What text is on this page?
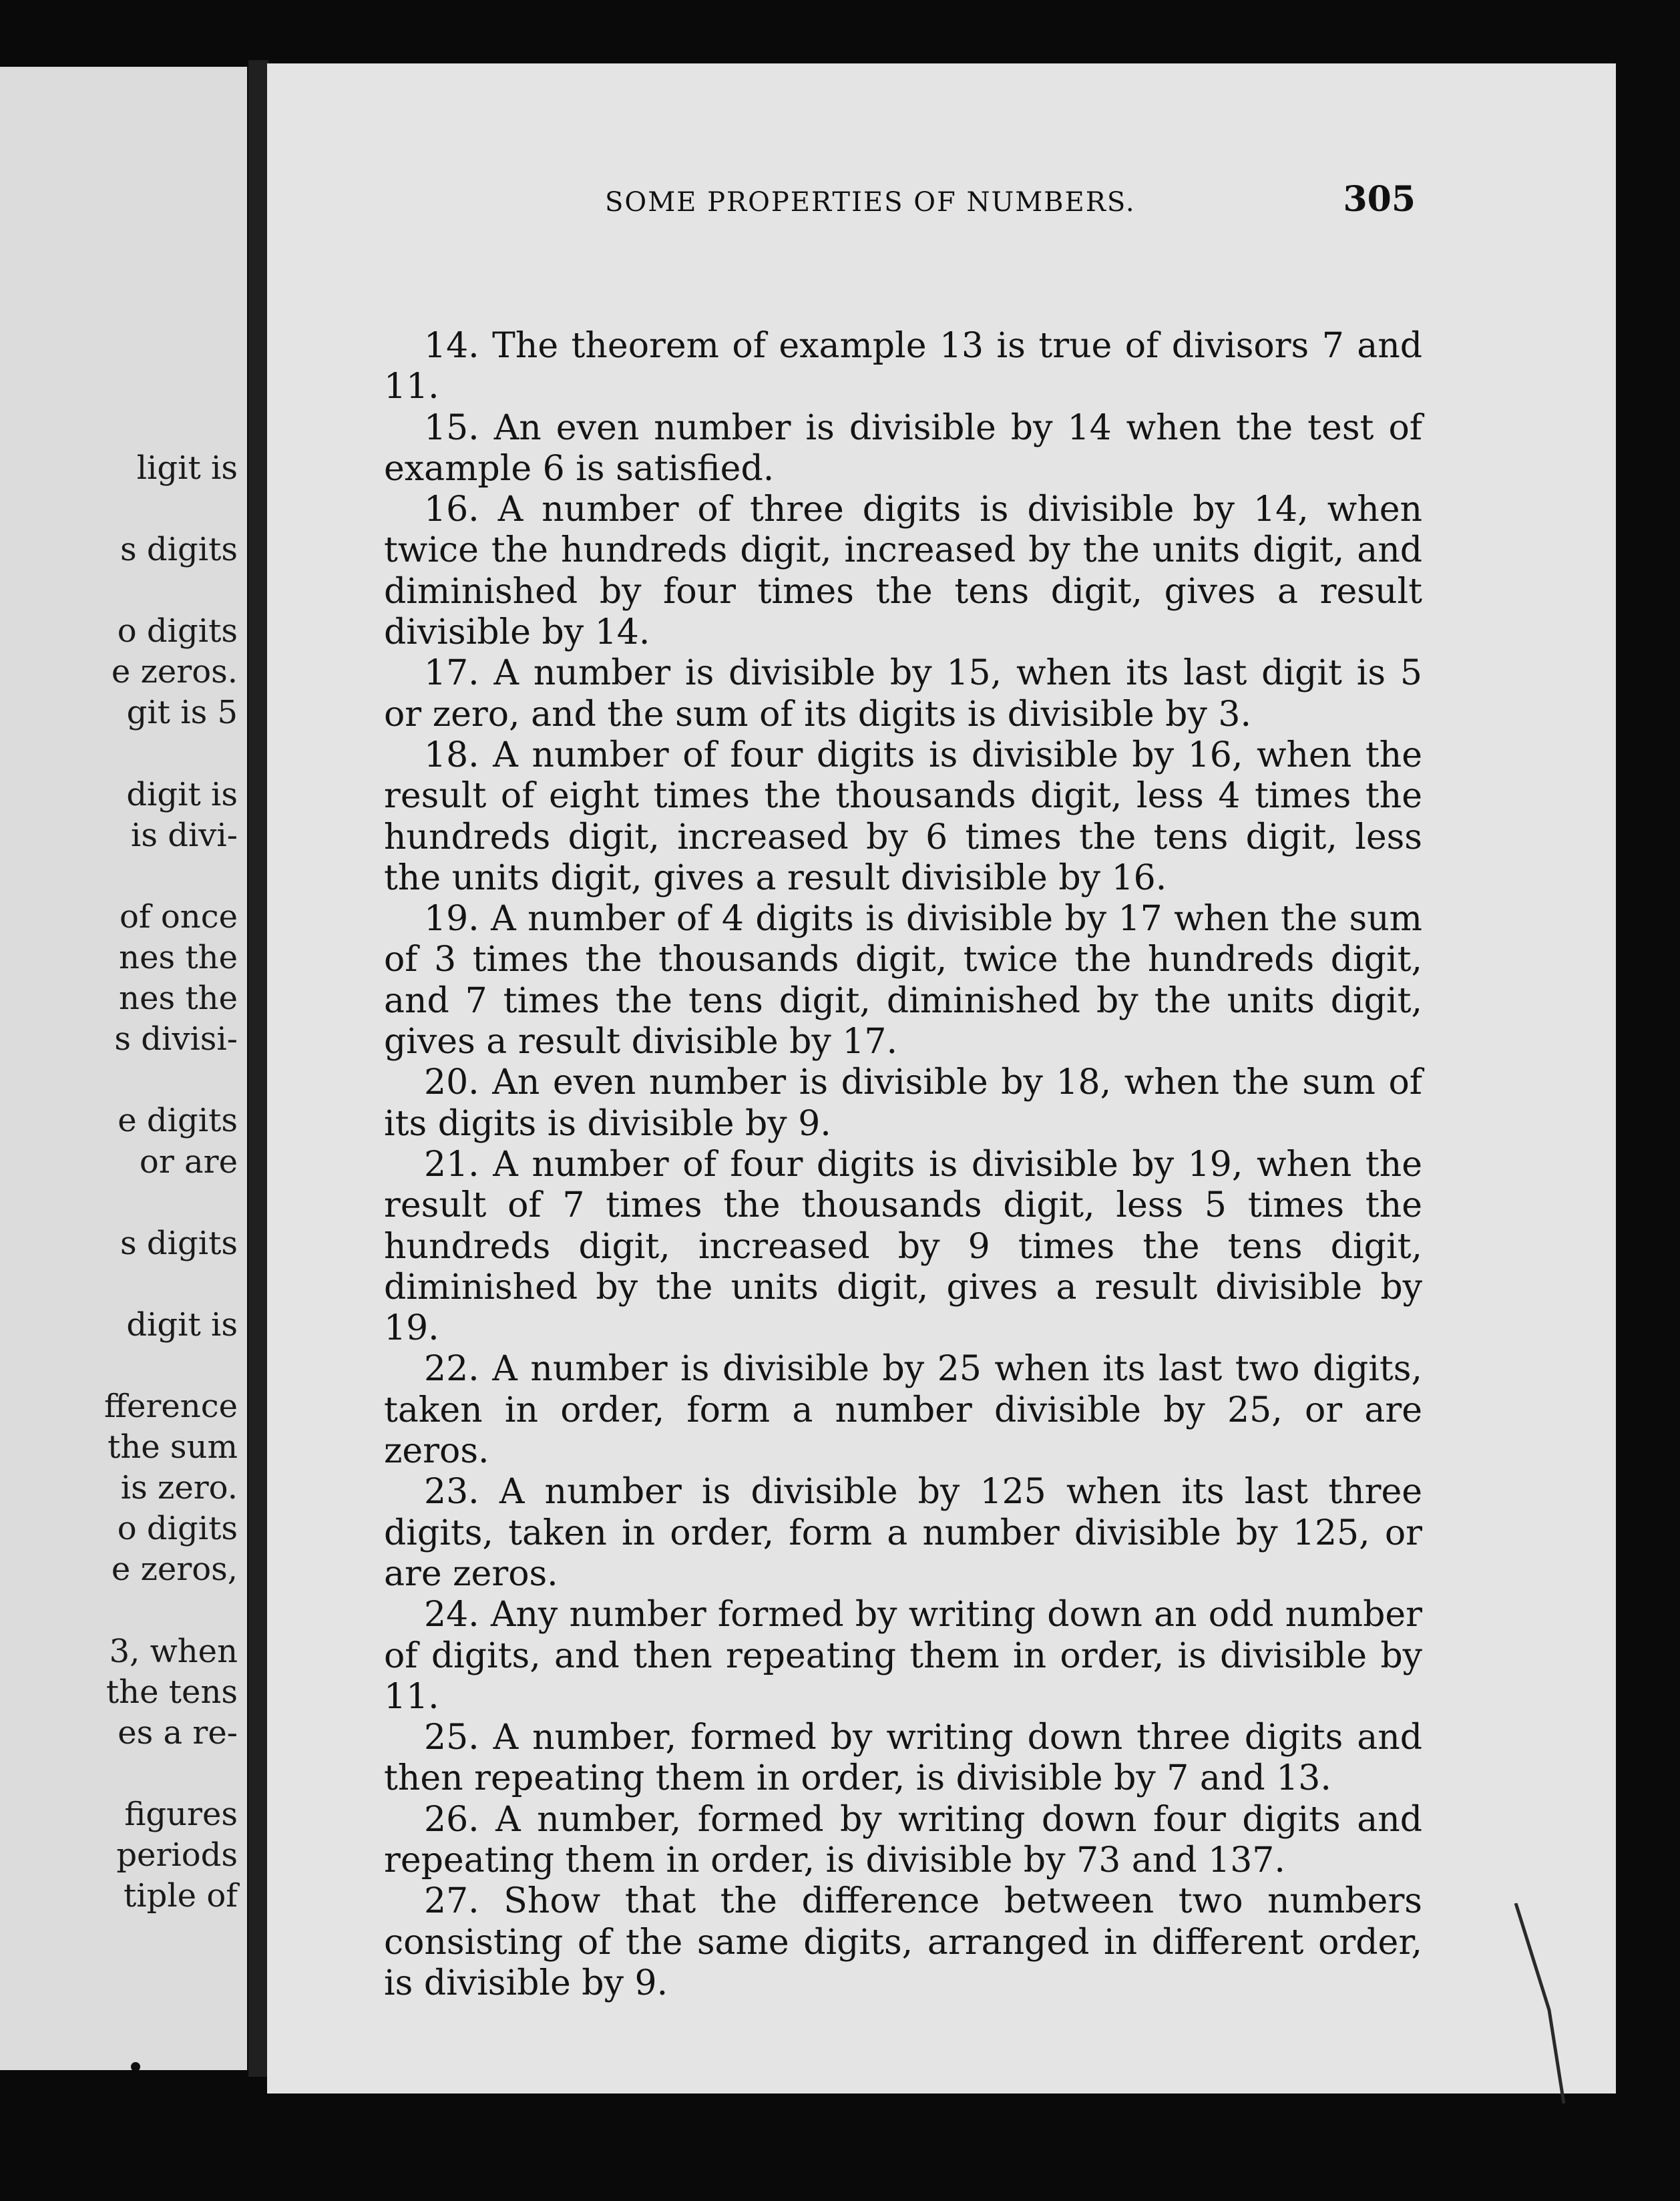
ligit is
s digits
o digits
e zeros.
git is 5
digit is
is divi-
of once
nes the
nes the
s divisi-
e digits
or are
s digits
digit is
fference
the sum
is zero.
o digits
e zeros,
3, when
the tens
es a re-
figures
periods
tiple of
SOME PROPERTIES OF NUMBERS.	305

14. The theorem of example 13 is true of divisors 7 and 11.

15. An even number is divisible by 14 when the test of example 6 is satisfied.

16. A number of three digits is divisible by 14, when twice the hundreds digit, increased by the units digit, and diminished by four times the tens digit, gives a result divisible by 14.

17. A number is divisible by 15, when its last digit is 5 or zero, and the sum of its digits is divisible by 3.

18. A number of four digits is divisible by 16, when the result of eight times the thousands digit, less 4 times the hundreds digit, increased by 6 times the tens digit, less the units digit, gives a result divisible by 16.

19. A number of 4 digits is divisible by 17 when the sum of 3 times the thousands digit, twice the hundreds digit, and 7 times the tens digit, diminished by the units digit, gives a result divisible by 17.

20. An even number is divisible by 18, when the sum of its digits is divisible by 9.

21. A number of four digits is divisible by 19, when the result of 7 times the thousands digit, less 5 times the hundreds digit, increased by 9 times the tens digit, diminished by the units digit, gives a result divisible by 19.

22. A number is divisible by 25 when its last two digits, taken in order, form a number divisible by 25, or are zeros.

23. A number is divisible by 125 when its last three digits, taken in order, form a number divisible by 125, or are zeros.

24. Any number formed by writing down an odd number of digits, and then repeating them in order, is divisible by 11.

25. A number, formed by writing down three digits and then repeating them in order, is divisible by 7 and 13.

26. A number, formed by writing down four digits and repeating them in order, is divisible by 73 and 137.

27. Show that the difference between two numbers consisting of the same digits, arranged in different order, is divisible by 9.
